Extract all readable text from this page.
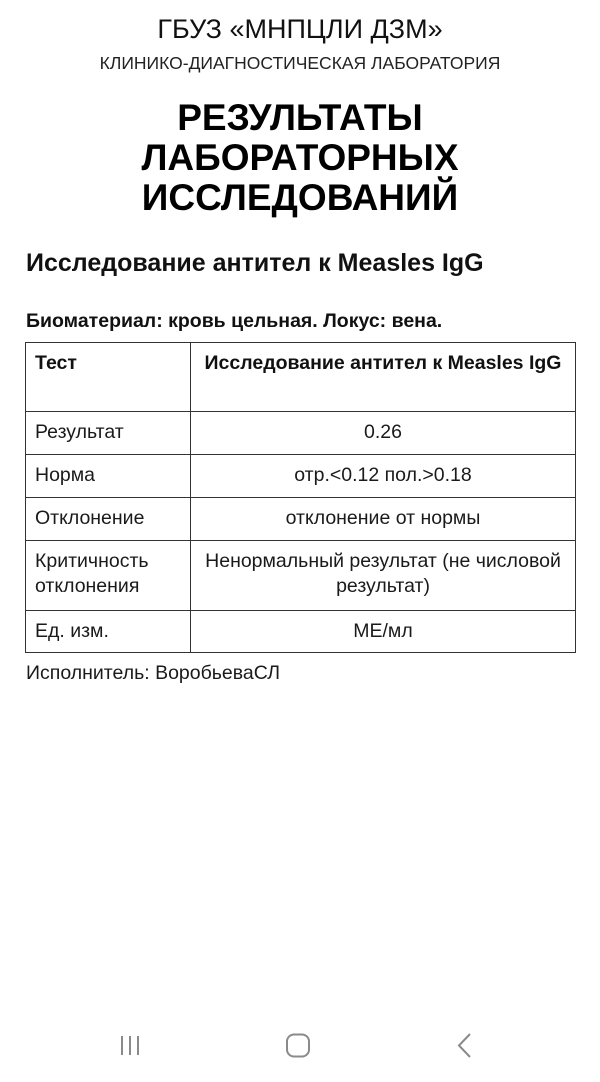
ГБУЗ «МНПЦЛИ ДЗМ»
КЛИНИКО-ДИАГНОСТИЧЕСКАЯ ЛАБОРАТОРИЯ
РЕЗУЛЬТАТЫ
ЛАБОРАТОРНЫХ
ИССЛЕДОВАНИЙ
Исследование антител к Measles IgG
Биоматериал: кровь цельная. Локус: вена.
Тест	Исследование антител к Measles IgG
Результат	0.26
Норма	отр.<0.12 пол.>0.18
Отклонение	отклонение от нормы
Критичность отклонения	Ненормальный результат (не числовой результат)
Ед. изм.	МЕ/мл
Исполнитель: ВоробьеваСЛ
